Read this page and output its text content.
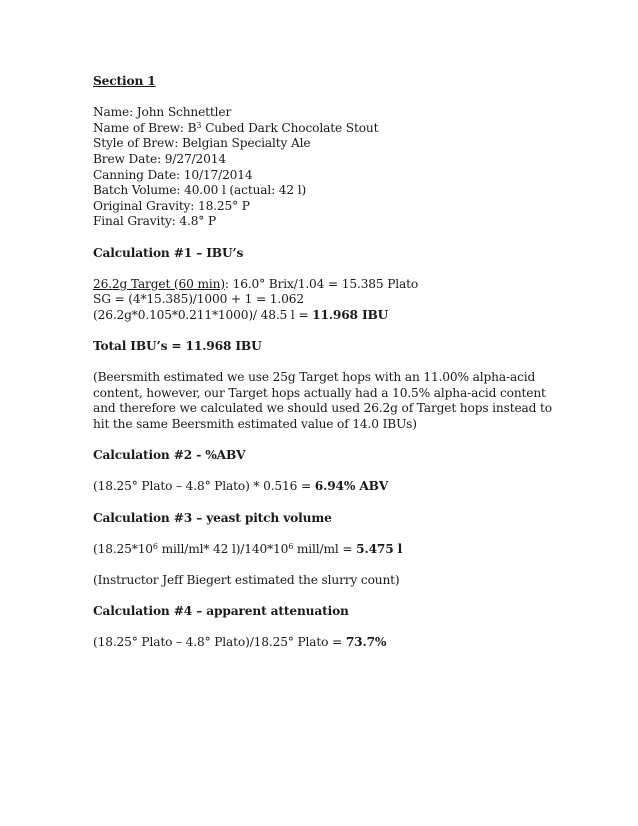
Section 1
Name: John Schnettler
Name of Brew: $B^3$ Cubed Dark Chocolate Stout
Style of Brew: Belgian Specialty Ale
Brew Date: 9/27/2014
Canning Date: 10/17/2014
Batch Volume: 40.00 l (actual: 42 l)
Original Gravity: 18.25° P
Final Gravity: 4.8° P
Calculation #1 – IBU’s
26.2g Target (60 min): 16.0° Brix/1.04 = 15.385 Plato
SG = (4*15.385)/1000 + 1 = 1.062
(26.2g*0.105*0.211*1000)/ 48.5 l = 11.968 IBU
Total IBU’s = 11.968 IBU
(Beersmith estimated we use 25g Target hops with an 11.00% alpha-acid content, however, our Target hops actually had a 10.5% alpha-acid content and therefore we calculated we should used 26.2g of Target hops instead to hit the same Beersmith estimated value of 14.0 IBUs)
Calculation #2 - %ABV
(18.25° Plato – 4.8° Plato) * 0.516 = 6.94% ABV
Calculation #3 – yeast pitch volume
($18.25*10^6$ mill/ml* 42 $l)/140*10^6$ mill/ml = 5.475 l
(Instructor Jeff Biegert estimated the slurry count)
Calculation #4 – apparent attenuation
(18.25° Plato – 4.8° Plato)/18.25° Plato = 73.7%
